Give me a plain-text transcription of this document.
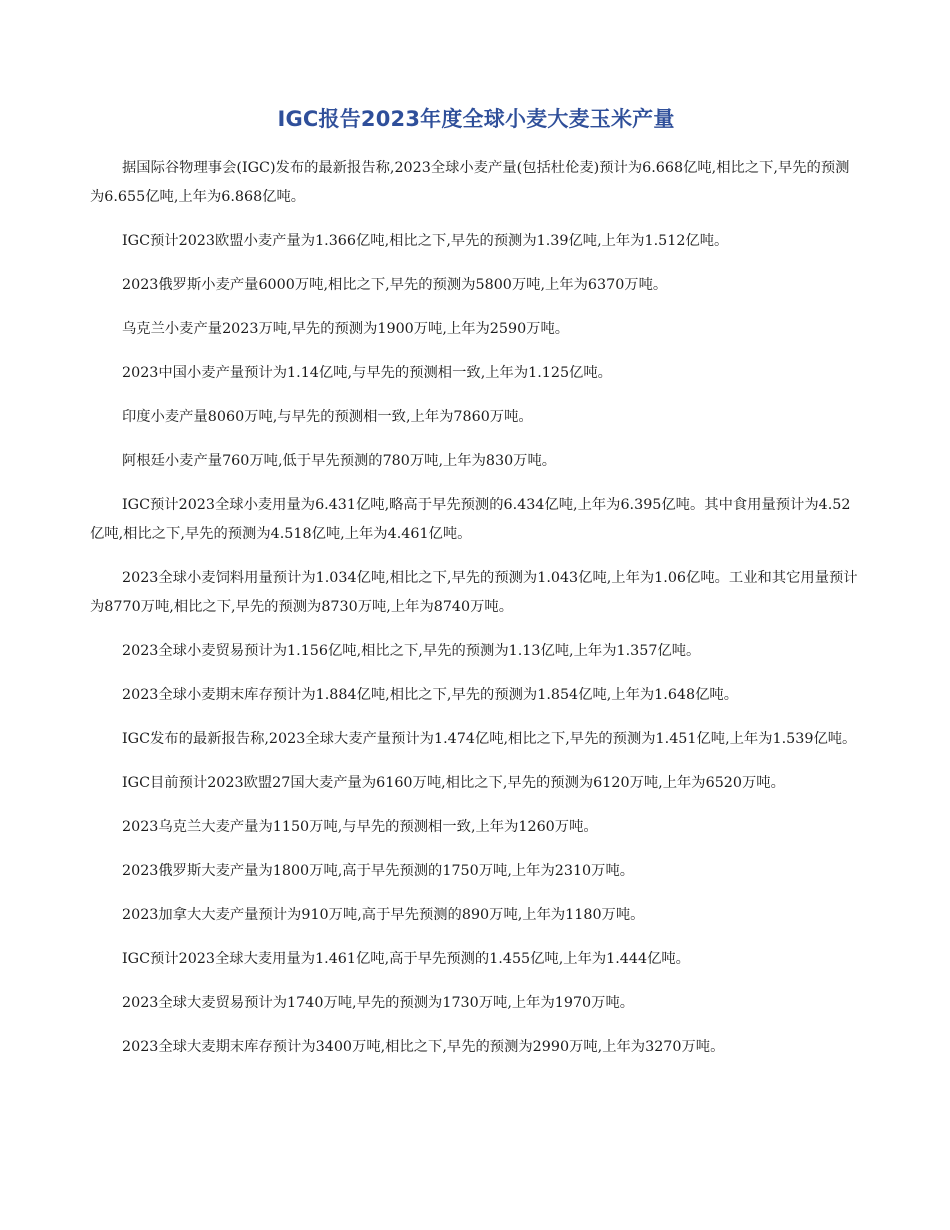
IGC报告2023年度全球小麦大麦玉米产量

据国际谷物理事会(IGC)发布的最新报告称,2023全球小麦产量(包括杜伦麦)预计为6.668亿吨,相比之下,早先的预测为6.655亿吨,上年为6.868亿吨。

IGC预计2023欧盟小麦产量为1.366亿吨,相比之下,早先的预测为1.39亿吨,上年为1.512亿吨。

2023俄罗斯小麦产量6000万吨,相比之下,早先的预测为5800万吨,上年为6370万吨。

乌克兰小麦产量2023万吨,早先的预测为1900万吨,上年为2590万吨。

2023中国小麦产量预计为1.14亿吨,与早先的预测相一致,上年为1.125亿吨。

印度小麦产量8060万吨,与早先的预测相一致,上年为7860万吨。

阿根廷小麦产量760万吨,低于早先预测的780万吨,上年为830万吨。

IGC预计2023全球小麦用量为6.431亿吨,略高于早先预测的6.434亿吨,上年为6.395亿吨。其中食用量预计为4.52亿吨,相比之下,早先的预测为4.518亿吨,上年为4.461亿吨。

2023全球小麦饲料用量预计为1.034亿吨,相比之下,早先的预测为1.043亿吨,上年为1.06亿吨。工业和其它用量预计为8770万吨,相比之下,早先的预测为8730万吨,上年为8740万吨。

2023全球小麦贸易预计为1.156亿吨,相比之下,早先的预测为1.13亿吨,上年为1.357亿吨。

2023全球小麦期末库存预计为1.884亿吨,相比之下,早先的预测为1.854亿吨,上年为1.648亿吨。

IGC发布的最新报告称,2023全球大麦产量预计为1.474亿吨,相比之下,早先的预测为1.451亿吨,上年为1.539亿吨。

IGC目前预计2023欧盟27国大麦产量为6160万吨,相比之下,早先的预测为6120万吨,上年为6520万吨。

2023乌克兰大麦产量为1150万吨,与早先的预测相一致,上年为1260万吨。

2023俄罗斯大麦产量为1800万吨,高于早先预测的1750万吨,上年为2310万吨。

2023加拿大大麦产量预计为910万吨,高于早先预测的890万吨,上年为1180万吨。

IGC预计2023全球大麦用量为1.461亿吨,高于早先预测的1.455亿吨,上年为1.444亿吨。

2023全球大麦贸易预计为1740万吨,早先的预测为1730万吨,上年为1970万吨。

2023全球大麦期末库存预计为3400万吨,相比之下,早先的预测为2990万吨,上年为3270万吨。
